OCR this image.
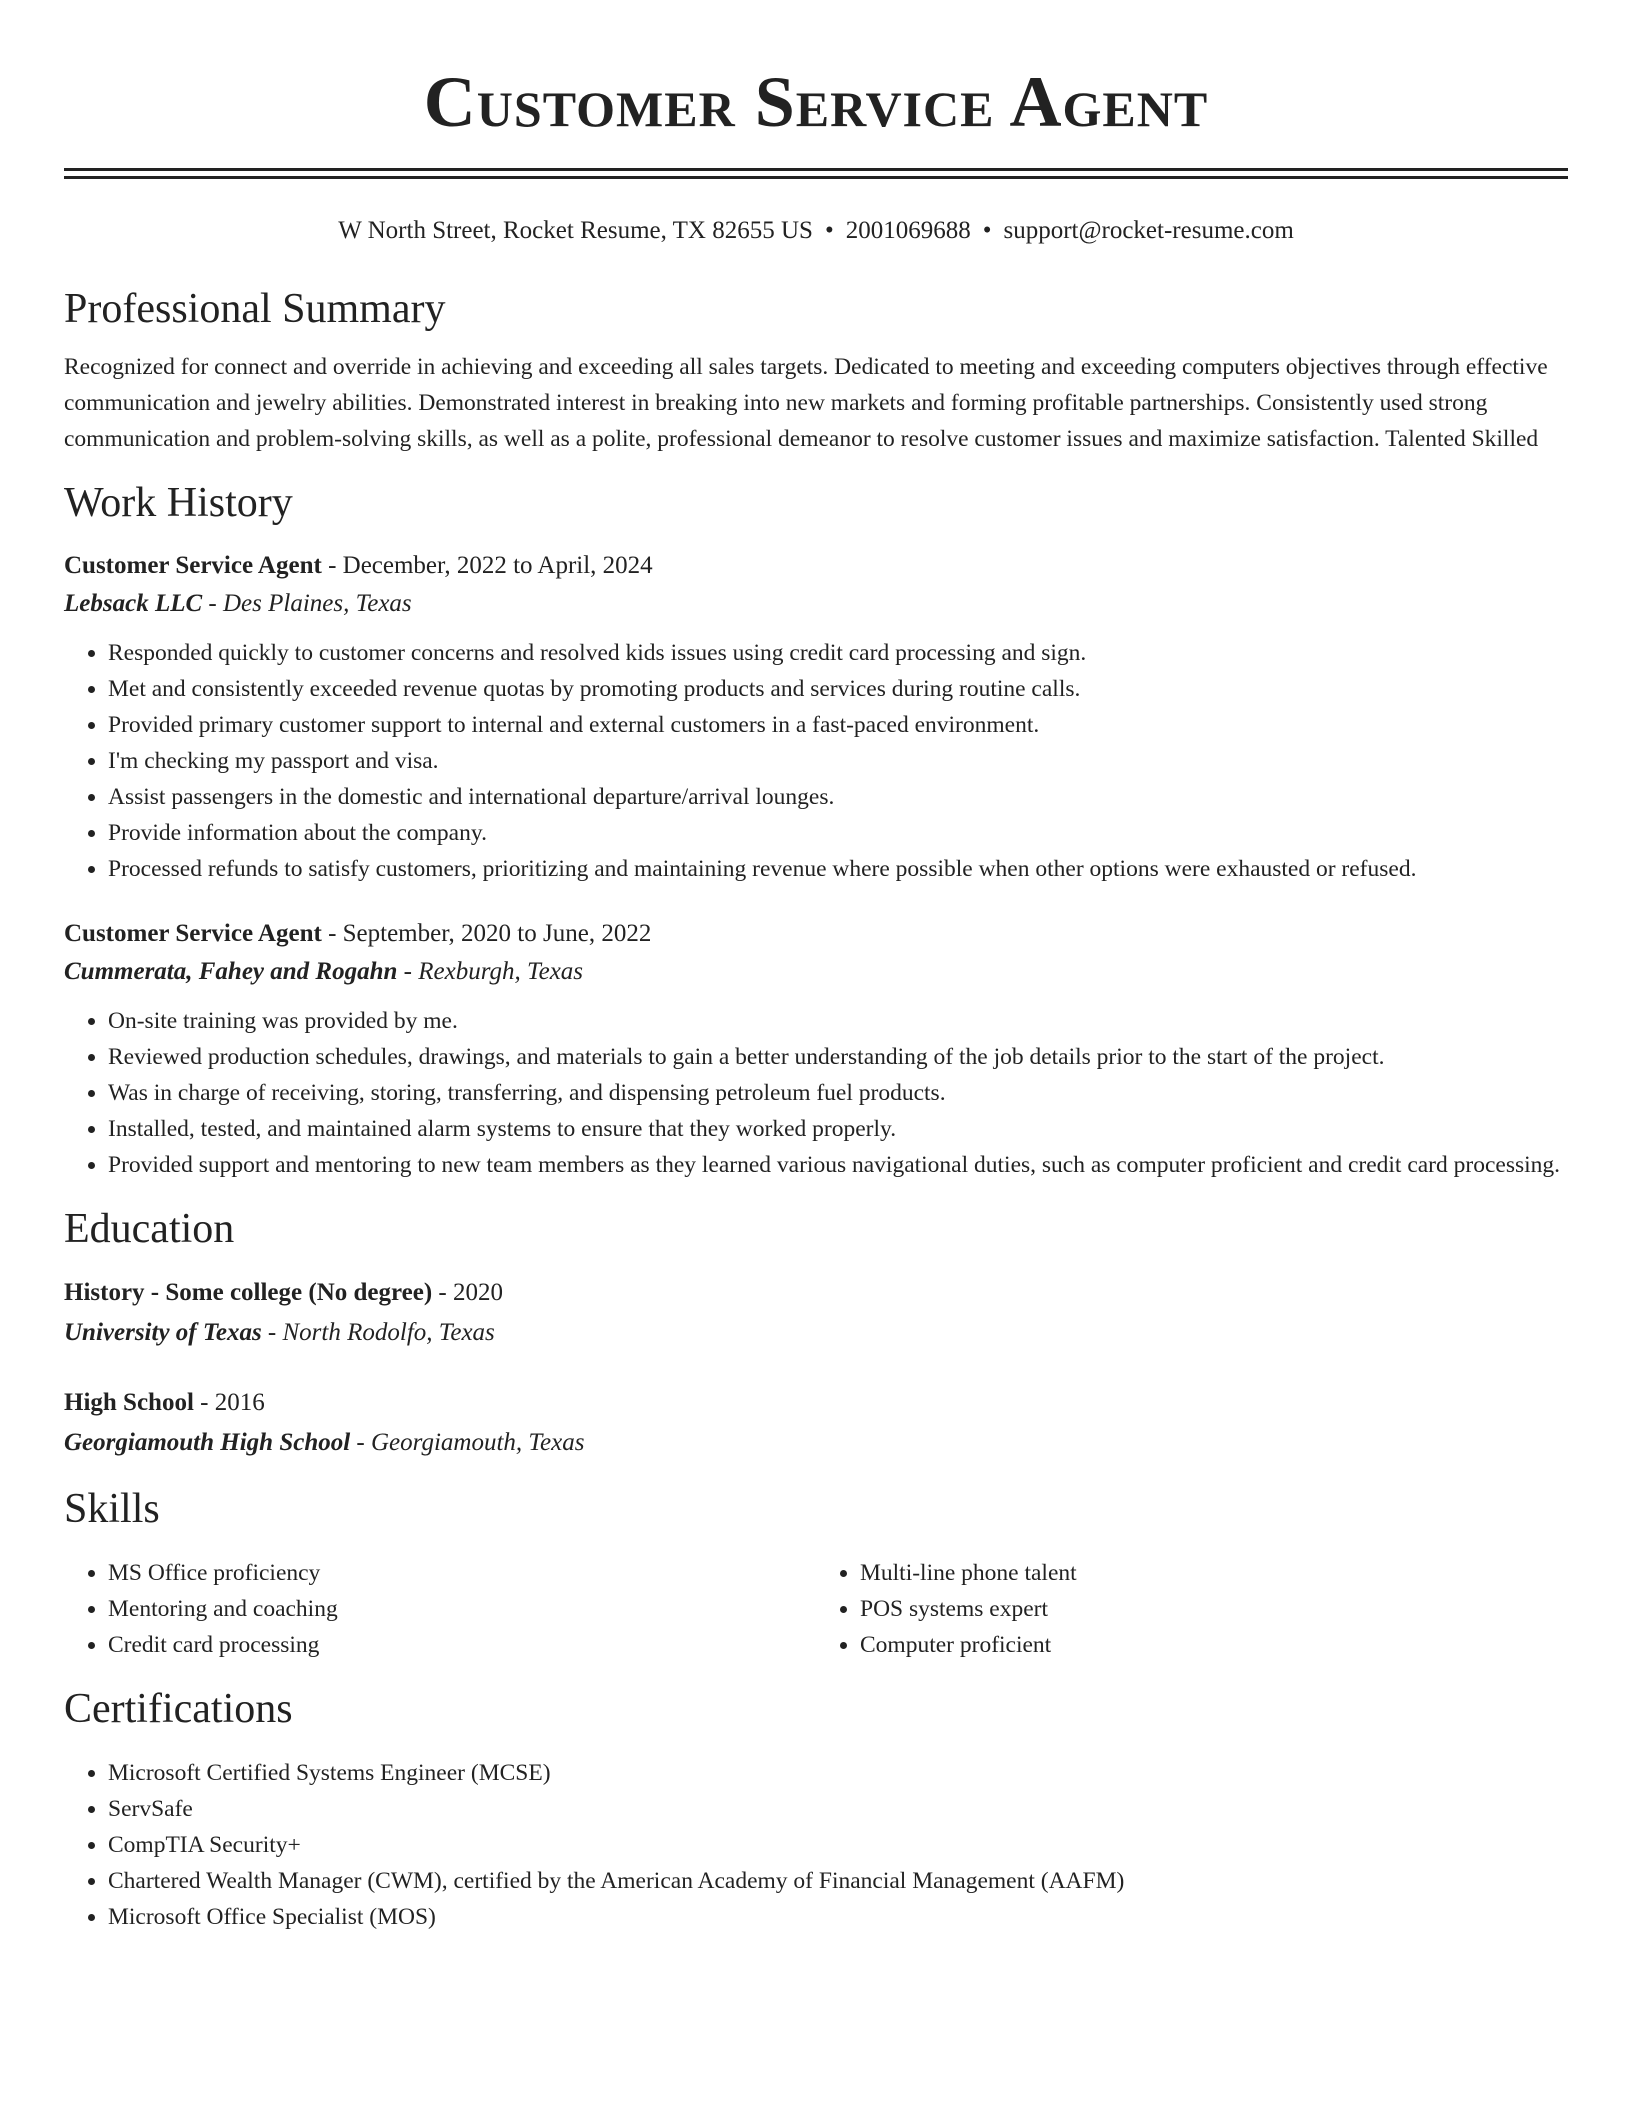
Customer Service Agent
W North Street, Rocket Resume, TX 82655 US • 2001069688 • support@rocket-resume.com
Professional Summary
Recognized for connect and override in achieving and exceeding all sales targets. Dedicated to meeting and exceeding computers objectives through effective communication and jewelry abilities. Demonstrated interest in breaking into new markets and forming profitable partnerships. Consistently used strong communication and problem-solving skills, as well as a polite, professional demeanor to resolve customer issues and maximize satisfaction. Talented Skilled
Work History
Customer Service Agent - December, 2022 to April, 2024
Lebsack LLC - Des Plaines, Texas
• Responded quickly to customer concerns and resolved kids issues using credit card processing and sign.
• Met and consistently exceeded revenue quotas by promoting products and services during routine calls.
• Provided primary customer support to internal and external customers in a fast-paced environment.
• I'm checking my passport and visa.
• Assist passengers in the domestic and international departure/arrival lounges.
• Provide information about the company.
• Processed refunds to satisfy customers, prioritizing and maintaining revenue where possible when other options were exhausted or refused.
Customer Service Agent - September, 2020 to June, 2022
Cummerata, Fahey and Rogahn - Rexburgh, Texas
• On-site training was provided by me.
• Reviewed production schedules, drawings, and materials to gain a better understanding of the job details prior to the start of the project.
• Was in charge of receiving, storing, transferring, and dispensing petroleum fuel products.
• Installed, tested, and maintained alarm systems to ensure that they worked properly.
• Provided support and mentoring to new team members as they learned various navigational duties, such as computer proficient and credit card processing.
Education
History - Some college (No degree) - 2020
University of Texas - North Rodolfo, Texas
High School - 2016
Georgiamouth High School - Georgiamouth, Texas
Skills
• MS Office proficiency
• Mentoring and coaching
• Credit card processing
• Multi-line phone talent
• POS systems expert
• Computer proficient
Certifications
• Microsoft Certified Systems Engineer (MCSE)
• ServSafe
• CompTIA Security+
• Chartered Wealth Manager (CWM), certified by the American Academy of Financial Management (AAFM)
• Microsoft Office Specialist (MOS)
